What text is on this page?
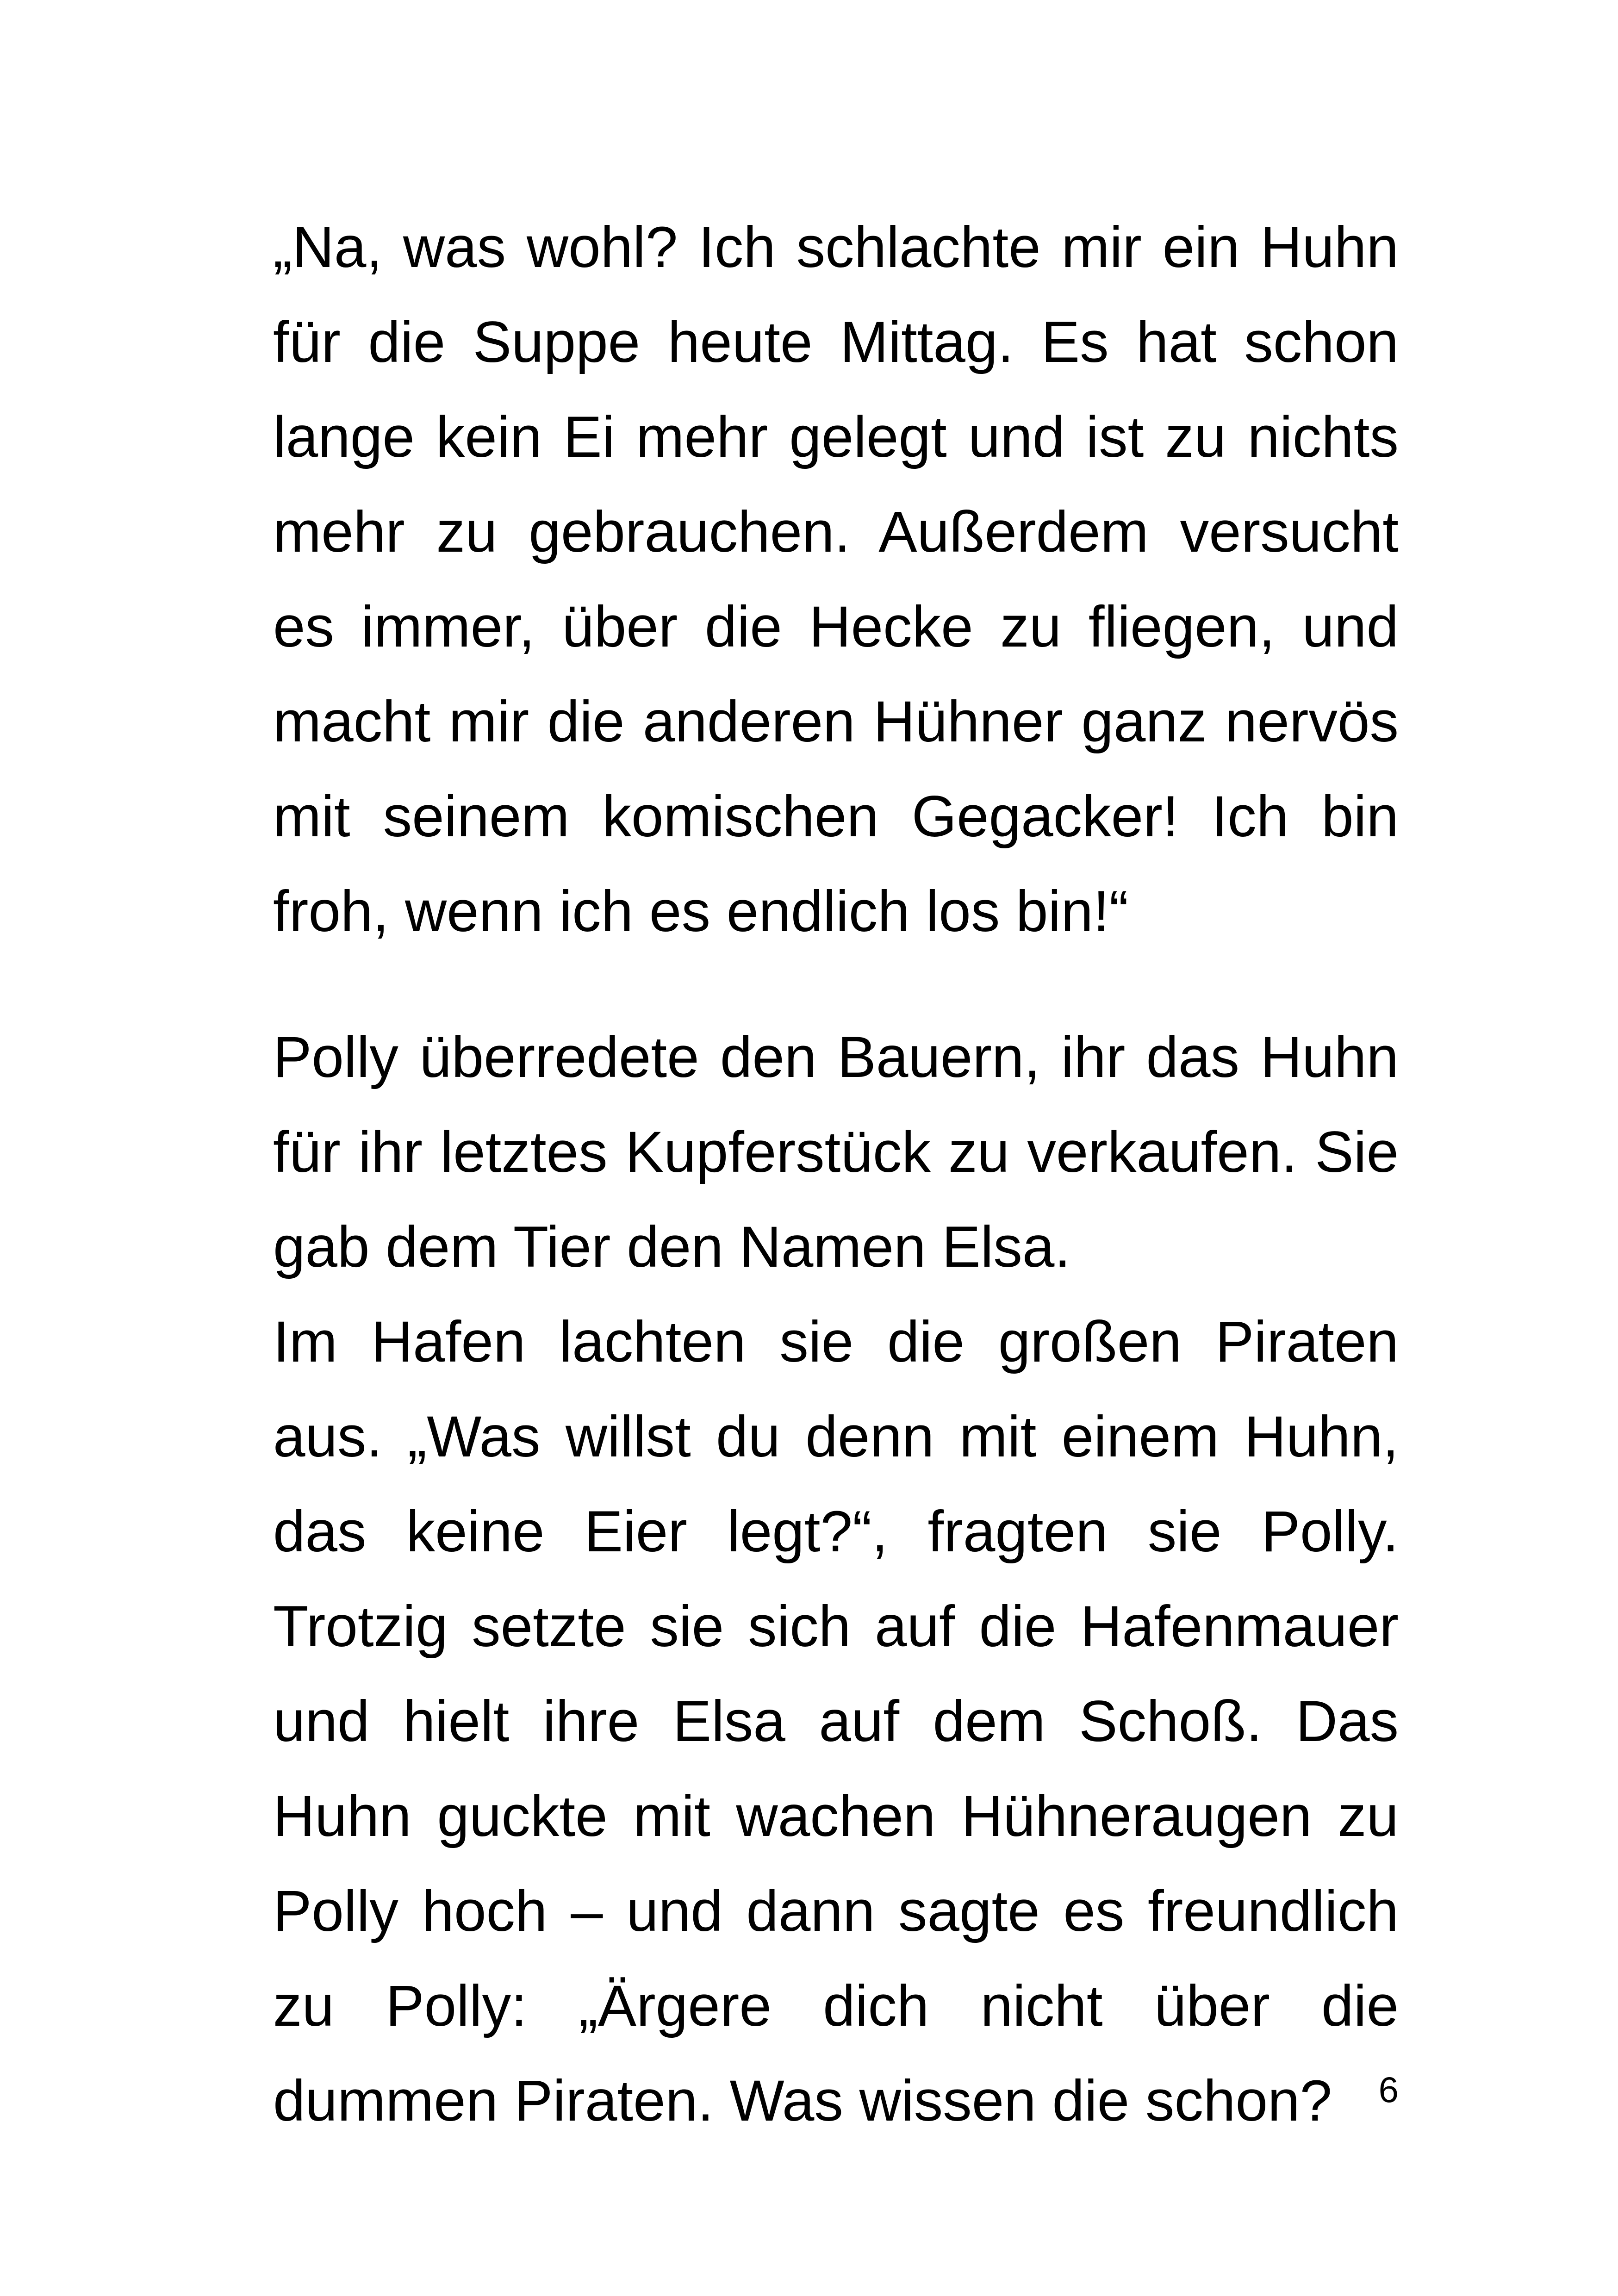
„Na, was wohl? Ich schlachte mir ein Huhn für die Suppe heute Mittag. Es hat schon lange kein Ei mehr gelegt und ist zu nichts mehr zu gebrauchen. Außerdem versucht es immer, über die Hecke zu fliegen, und macht mir die anderen Hühner ganz nervös mit seinem komischen Gegacker! Ich bin froh, wenn ich es endlich los bin!“

Polly überredete den Bauern, ihr das Huhn für ihr letztes Kupferstück zu verkaufen. Sie gab dem Tier den Namen Elsa.

Im Hafen lachten sie die großen Piraten aus. „Was willst du denn mit einem Huhn, das keine Eier legt?“, fragten sie Polly. Trotzig setzte sie sich auf die Hafenmauer und hielt ihre Elsa auf dem Schoß. Das Huhn guckte mit wachen Hühneraugen zu Polly hoch – und dann sagte es freundlich zu Polly: „Ärgere dich nicht über die dummen Piraten. Was wissen die schon?	6
